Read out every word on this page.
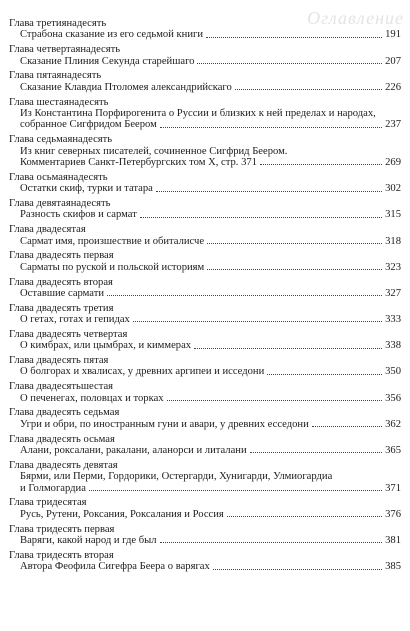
Оглавление
Глава третиянадесять
Страбона сказание из его седьмой книги	191
Глава четвертаянадесять
Сказание Плиния Секунда старейшаго	207
Глава пятаянадесять
Сказание Клавдиа Птоломея александрийскаго	226
Глава шестаянадесять
Из Константина Порфирогенита о Руссии и близких к ней пределах и народах,
собранное Сигфридом Беером	237
Глава седьмаянадесять
Из книг северных писателей, сочиненное Сигфрид Беером.
Комментариев Санкт-Петербургских том X, стр. 371	269
Глава осьмаянадесять
Остатки скиф, турки и татара	302
Глава девятаянадесять
Разность скифов и сармат	315
Глава двадесятая
Сармат имя, произшествие и обиталисче	318
Глава двадесять первая
Сарматы по руской и польской историям	323
Глава двадесять вторая
Оставшие сармати	327
Глава двадесять третия
О гетах, готах и гепидах	333
Глава двадесять четвертая
О кимбрах, или цымбрах, и киммерах	338
Глава двадесять пятая
О болгорах и хвалисах, у древних аргипеи и исседони	350
Глава двадесятьшестая
О печенегах, половцах и торках	356
Глава двадесять седьмая
Угри и обри, по иностранным гуни и авари, у древних есседони	362
Глава двадесять осьмая
Алани, роксалани, ракалани, аланорси и литалани	365
Глава двадесять девятая
Бярми, или Перми, Гордорики, Остергарди, Хунигарди, Улмиогардиа
и Голмогардиа	371
Глава тридесятая
Русь, Рутени, Роксания, Роксалания и Россия	376
Глава тридесять первая
Варяги, какой народ и где был	381
Глава тридесять вторая
Автора Феофила Сигефра Беера о варягах	385
